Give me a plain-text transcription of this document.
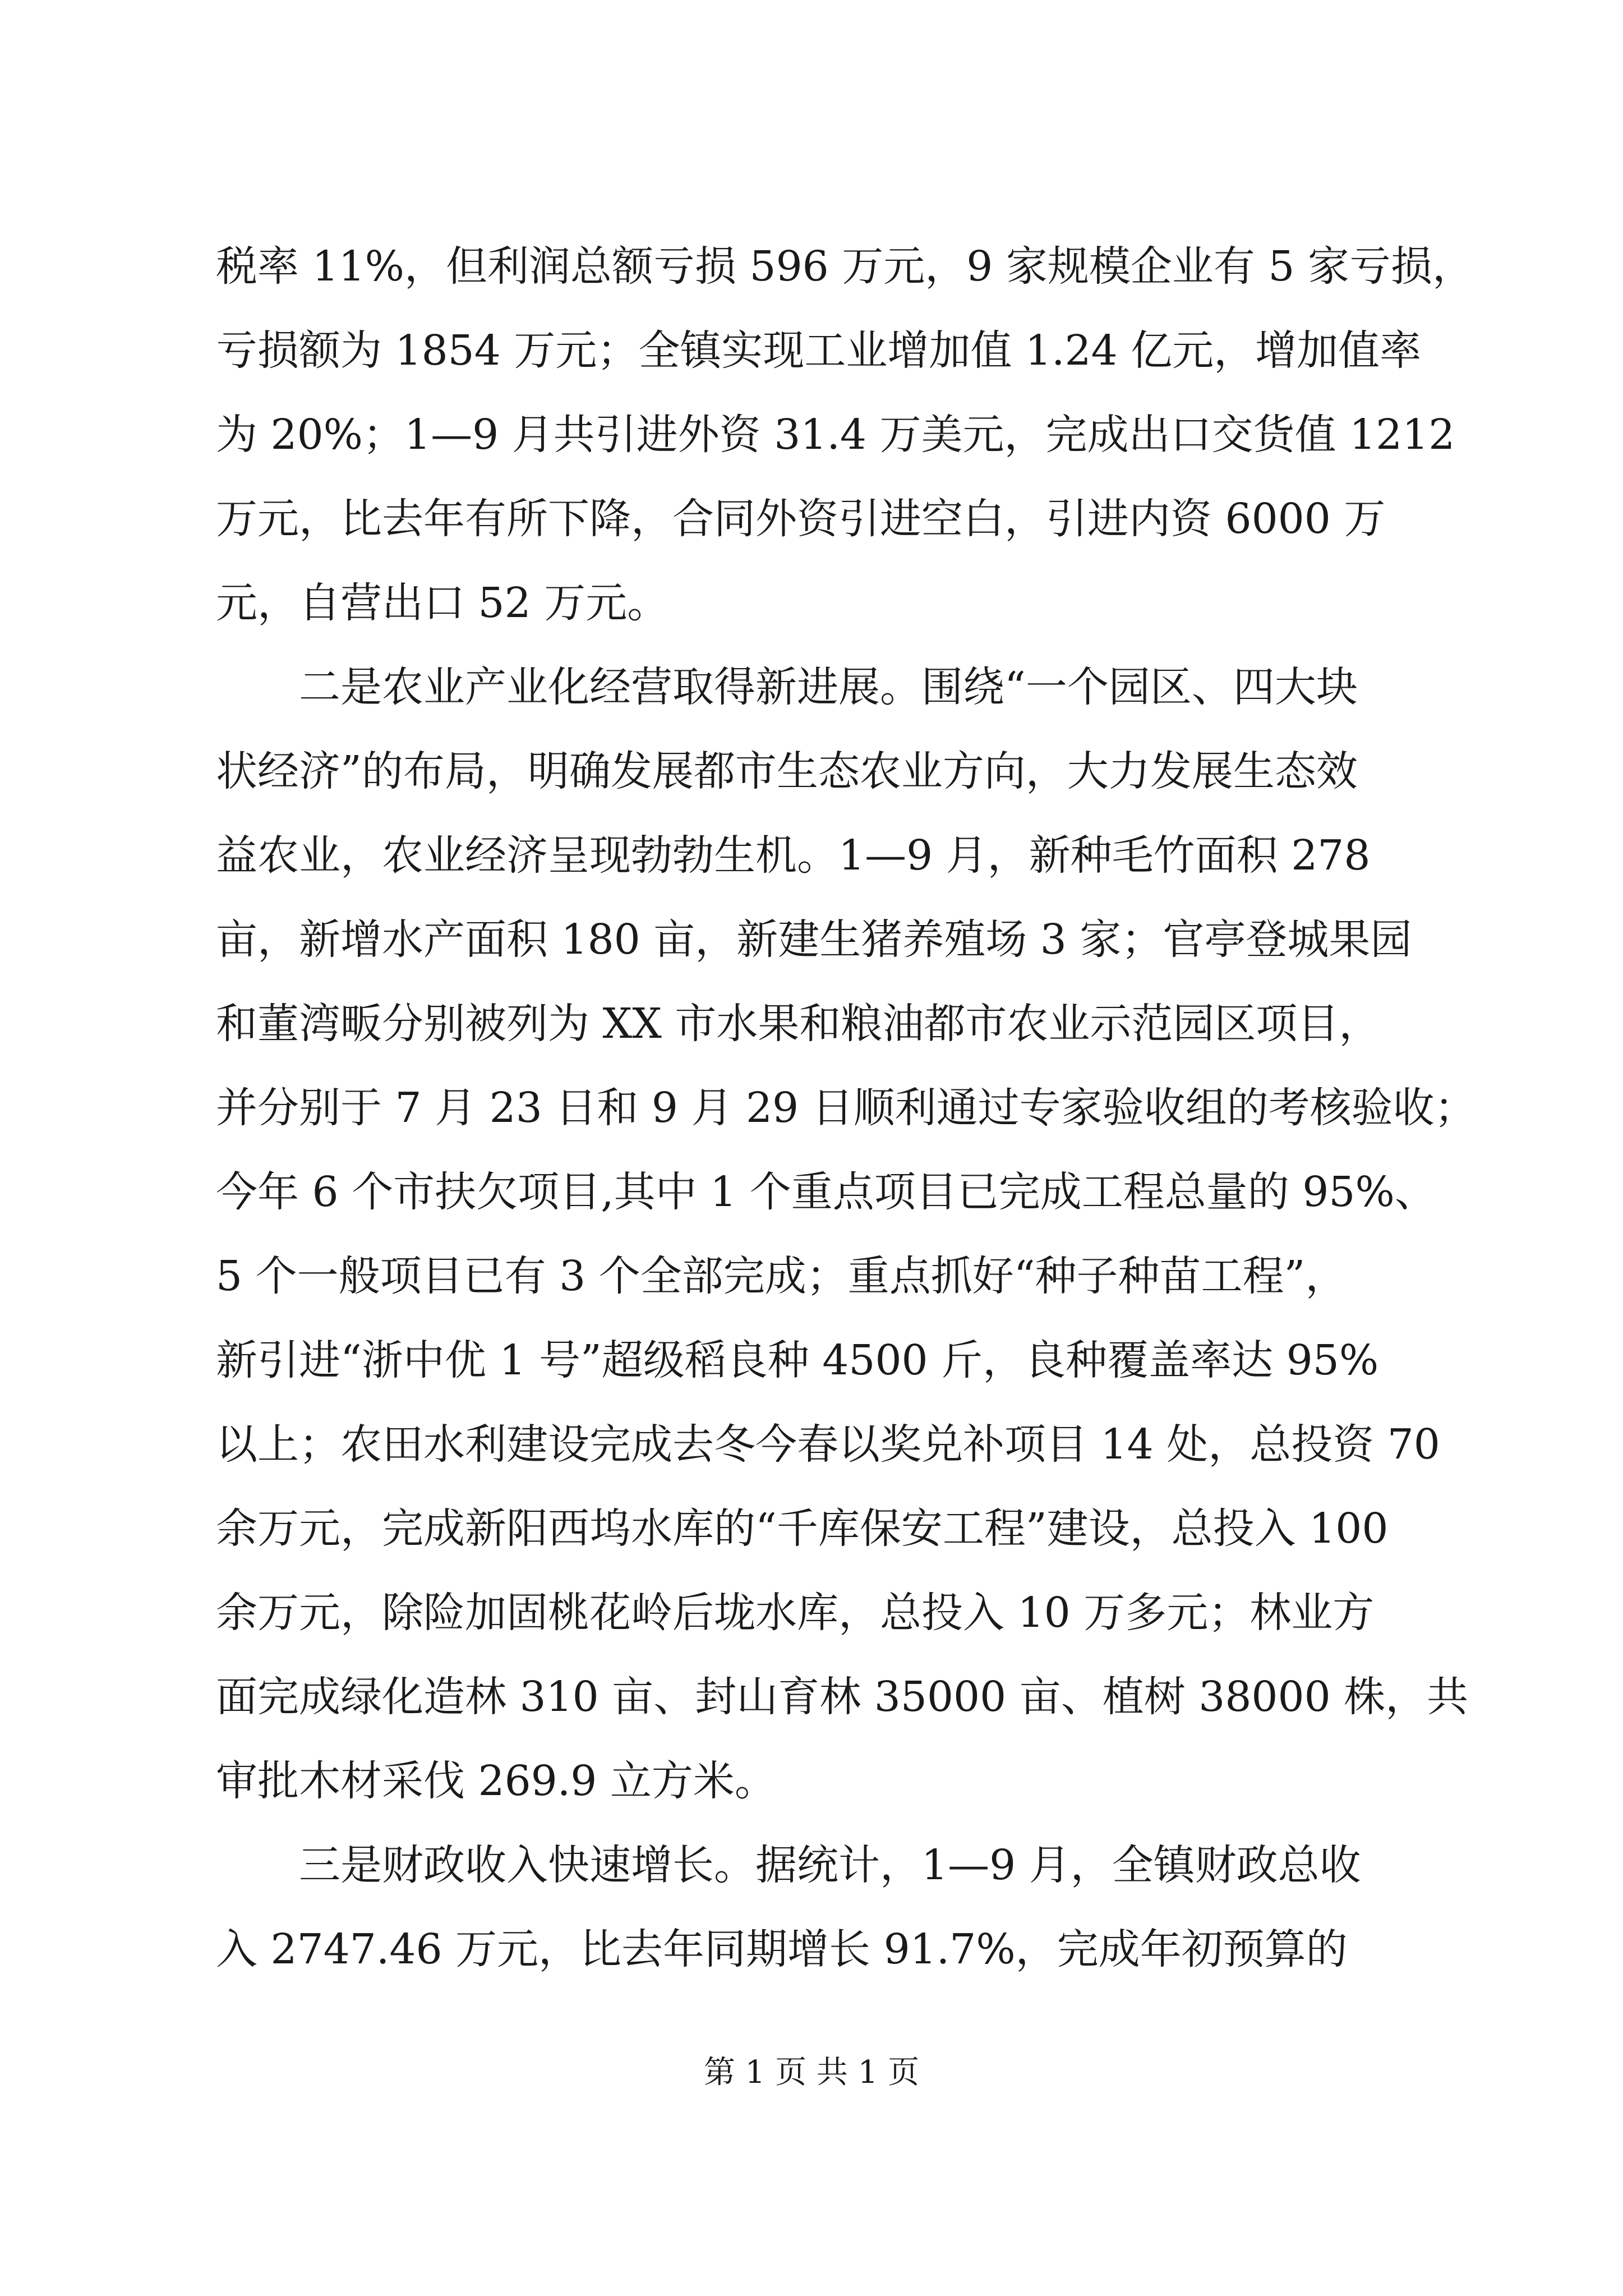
税率 11%，但利润总额亏损 596 万元，9 家规模企业有 5 家亏损，
亏损额为 1854 万元；全镇实现工业增加值 1.24 亿元，增加值率
为 20%；1—9 月共引进外资 31.4 万美元，完成出口交货值 1212
万元，比去年有所下降，合同外资引进空白，引进内资 6000 万
元，自营出口 52 万元。
二是农业产业化经营取得新进展。围绕“一个园区、四大块
状经济”的布局，明确发展都市生态农业方向，大力发展生态效
益农业，农业经济呈现勃勃生机。1—9 月，新种毛竹面积 278
亩，新增水产面积 180 亩，新建生猪养殖场 3 家；官亭登城果园
和董湾畈分别被列为 XX 市水果和粮油都市农业示范园区项目，
并分别于 7 月 23 日和 9 月 29 日顺利通过专家验收组的考核验收；
今年 6 个市扶欠项目,其中 1 个重点项目已完成工程总量的 95%、
5 个一般项目已有 3 个全部完成；重点抓好“种子种苗工程”，
新引进“浙中优 1 号”超级稻良种 4500 斤，良种覆盖率达 95%
以上；农田水利建设完成去冬今春以奖兑补项目 14 处，总投资 70
余万元，完成新阳西坞水库的“千库保安工程”建设，总投入 100
余万元，除险加固桃花岭后垅水库，总投入 10 万多元；林业方
面完成绿化造林 310 亩、封山育林 35000 亩、植树 38000 株，共
审批木材采伐 269.9 立方米。
三是财政收入快速增长。据统计，1—9 月，全镇财政总收
入 2747.46 万元，比去年同期增长 91.7%，完成年初预算的
第 1 页 共 1 页
